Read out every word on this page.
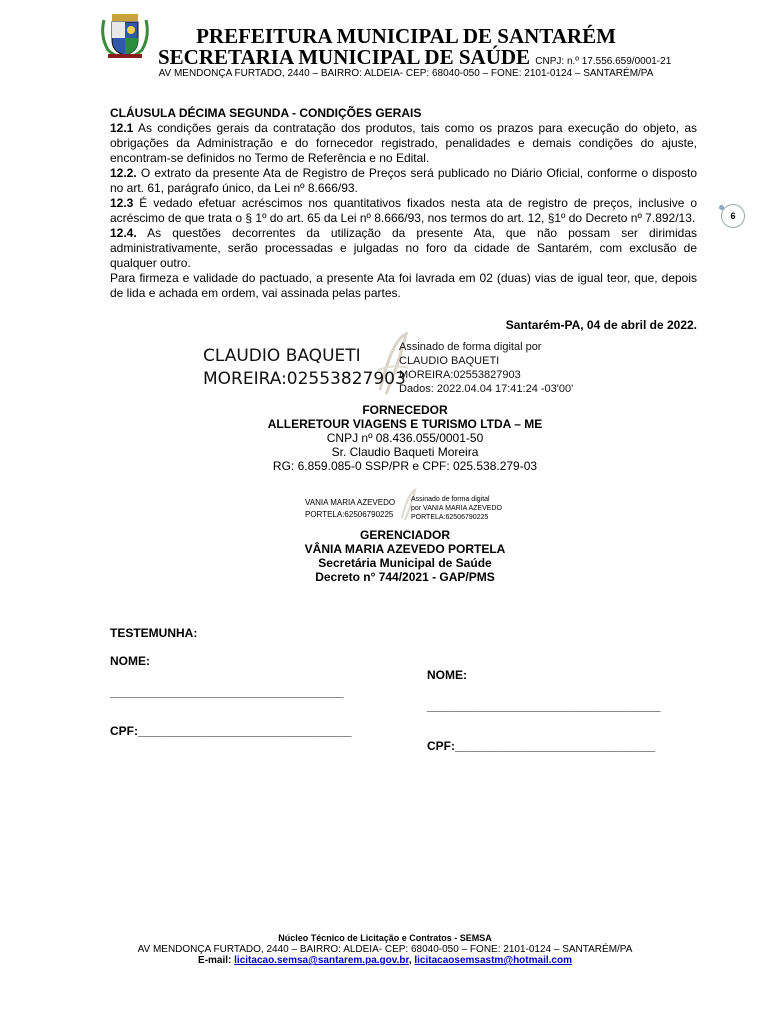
PREFEITURA MUNICIPAL DE SANTARÉM
SECRETARIA MUNICIPAL DE SAÚDE CNPJ: n.º 17.556.659/0001-21
AV MENDONÇA FURTADO, 2440 – BAIRRO: ALDEIA- CEP: 68040-050 – FONE: 2101-0124 – SANTARÉM/PA

CLÁUSULA DÉCIMA SEGUNDA - CONDIÇÕES GERAIS

12.1 As condições gerais da contratação dos produtos, tais como os prazos para execução do objeto, as obrigações da Administração e do fornecedor registrado, penalidades e demais condições do ajuste, encontram-se definidos no Termo de Referência e no Edital.

12.2. O extrato da presente Ata de Registro de Preços será publicado no Diário Oficial, conforme o disposto no art. 61, parágrafo único, da Lei nº 8.666/93.

12.3 É vedado efetuar acréscimos nos quantitativos fixados nesta ata de registro de preços, inclusive o acréscimo de que trata o § 1º do art. 65 da Lei nº 8.666/93, nos termos do art. 12, §1º do Decreto nº 7.892/13.

12.4. As questões decorrentes da utilização da presente Ata, que não possam ser dirimidas administrativamente, serão processadas e julgadas no foro da cidade de Santarém, com exclusão de qualquer outro.

Para firmeza e validade do pactuado, a presente Ata foi lavrada em 02 (duas) vias de igual teor, que, depois de lida e achada em ordem, vai assinada pelas partes.

6
Santarém-PA, 04 de abril de 2022.
CLAUDIO BAQUETI
MOREIRA:02553827903
Assinado de forma digital por
CLAUDIO BAQUETI
MOREIRA:02553827903
Dados: 2022.04.04 17:41:24 -03'00'
FORNECEDOR
ALLERETOUR VIAGENS E TURISMO LTDA – ME
CNPJ nº 08.436.055/0001-50
Sr. Claudio Baqueti Moreira
RG: 6.859.085-0 SSP/PR e CPF: 025.538.279-03
VANIA MARIA AZEVEDO
PORTELA:62506790225
Assinado de forma digital
por VANIA MARIA AZEVEDO
PORTELA:62506790225
GERENCIADOR
VÂNIA MARIA AZEVEDO PORTELA
Secretária Municipal de Saúde
Decreto n° 744/2021 - GAP/PMS
TESTEMUNHA:
NOME:
___________________________________
CPF:________________________________
NOME:
___________________________________
CPF:______________________________
Núcleo Técnico de Licitação e Contratos - SEMSA
AV MENDONÇA FURTADO, 2440 – BAIRRO: ALDEIA- CEP: 68040-050 – FONE: 2101-0124 – SANTARÉM/PA
E-mail: licitacao.semsa@santarem.pa.gov.br, licitacaosemsastm@hotmail.com
